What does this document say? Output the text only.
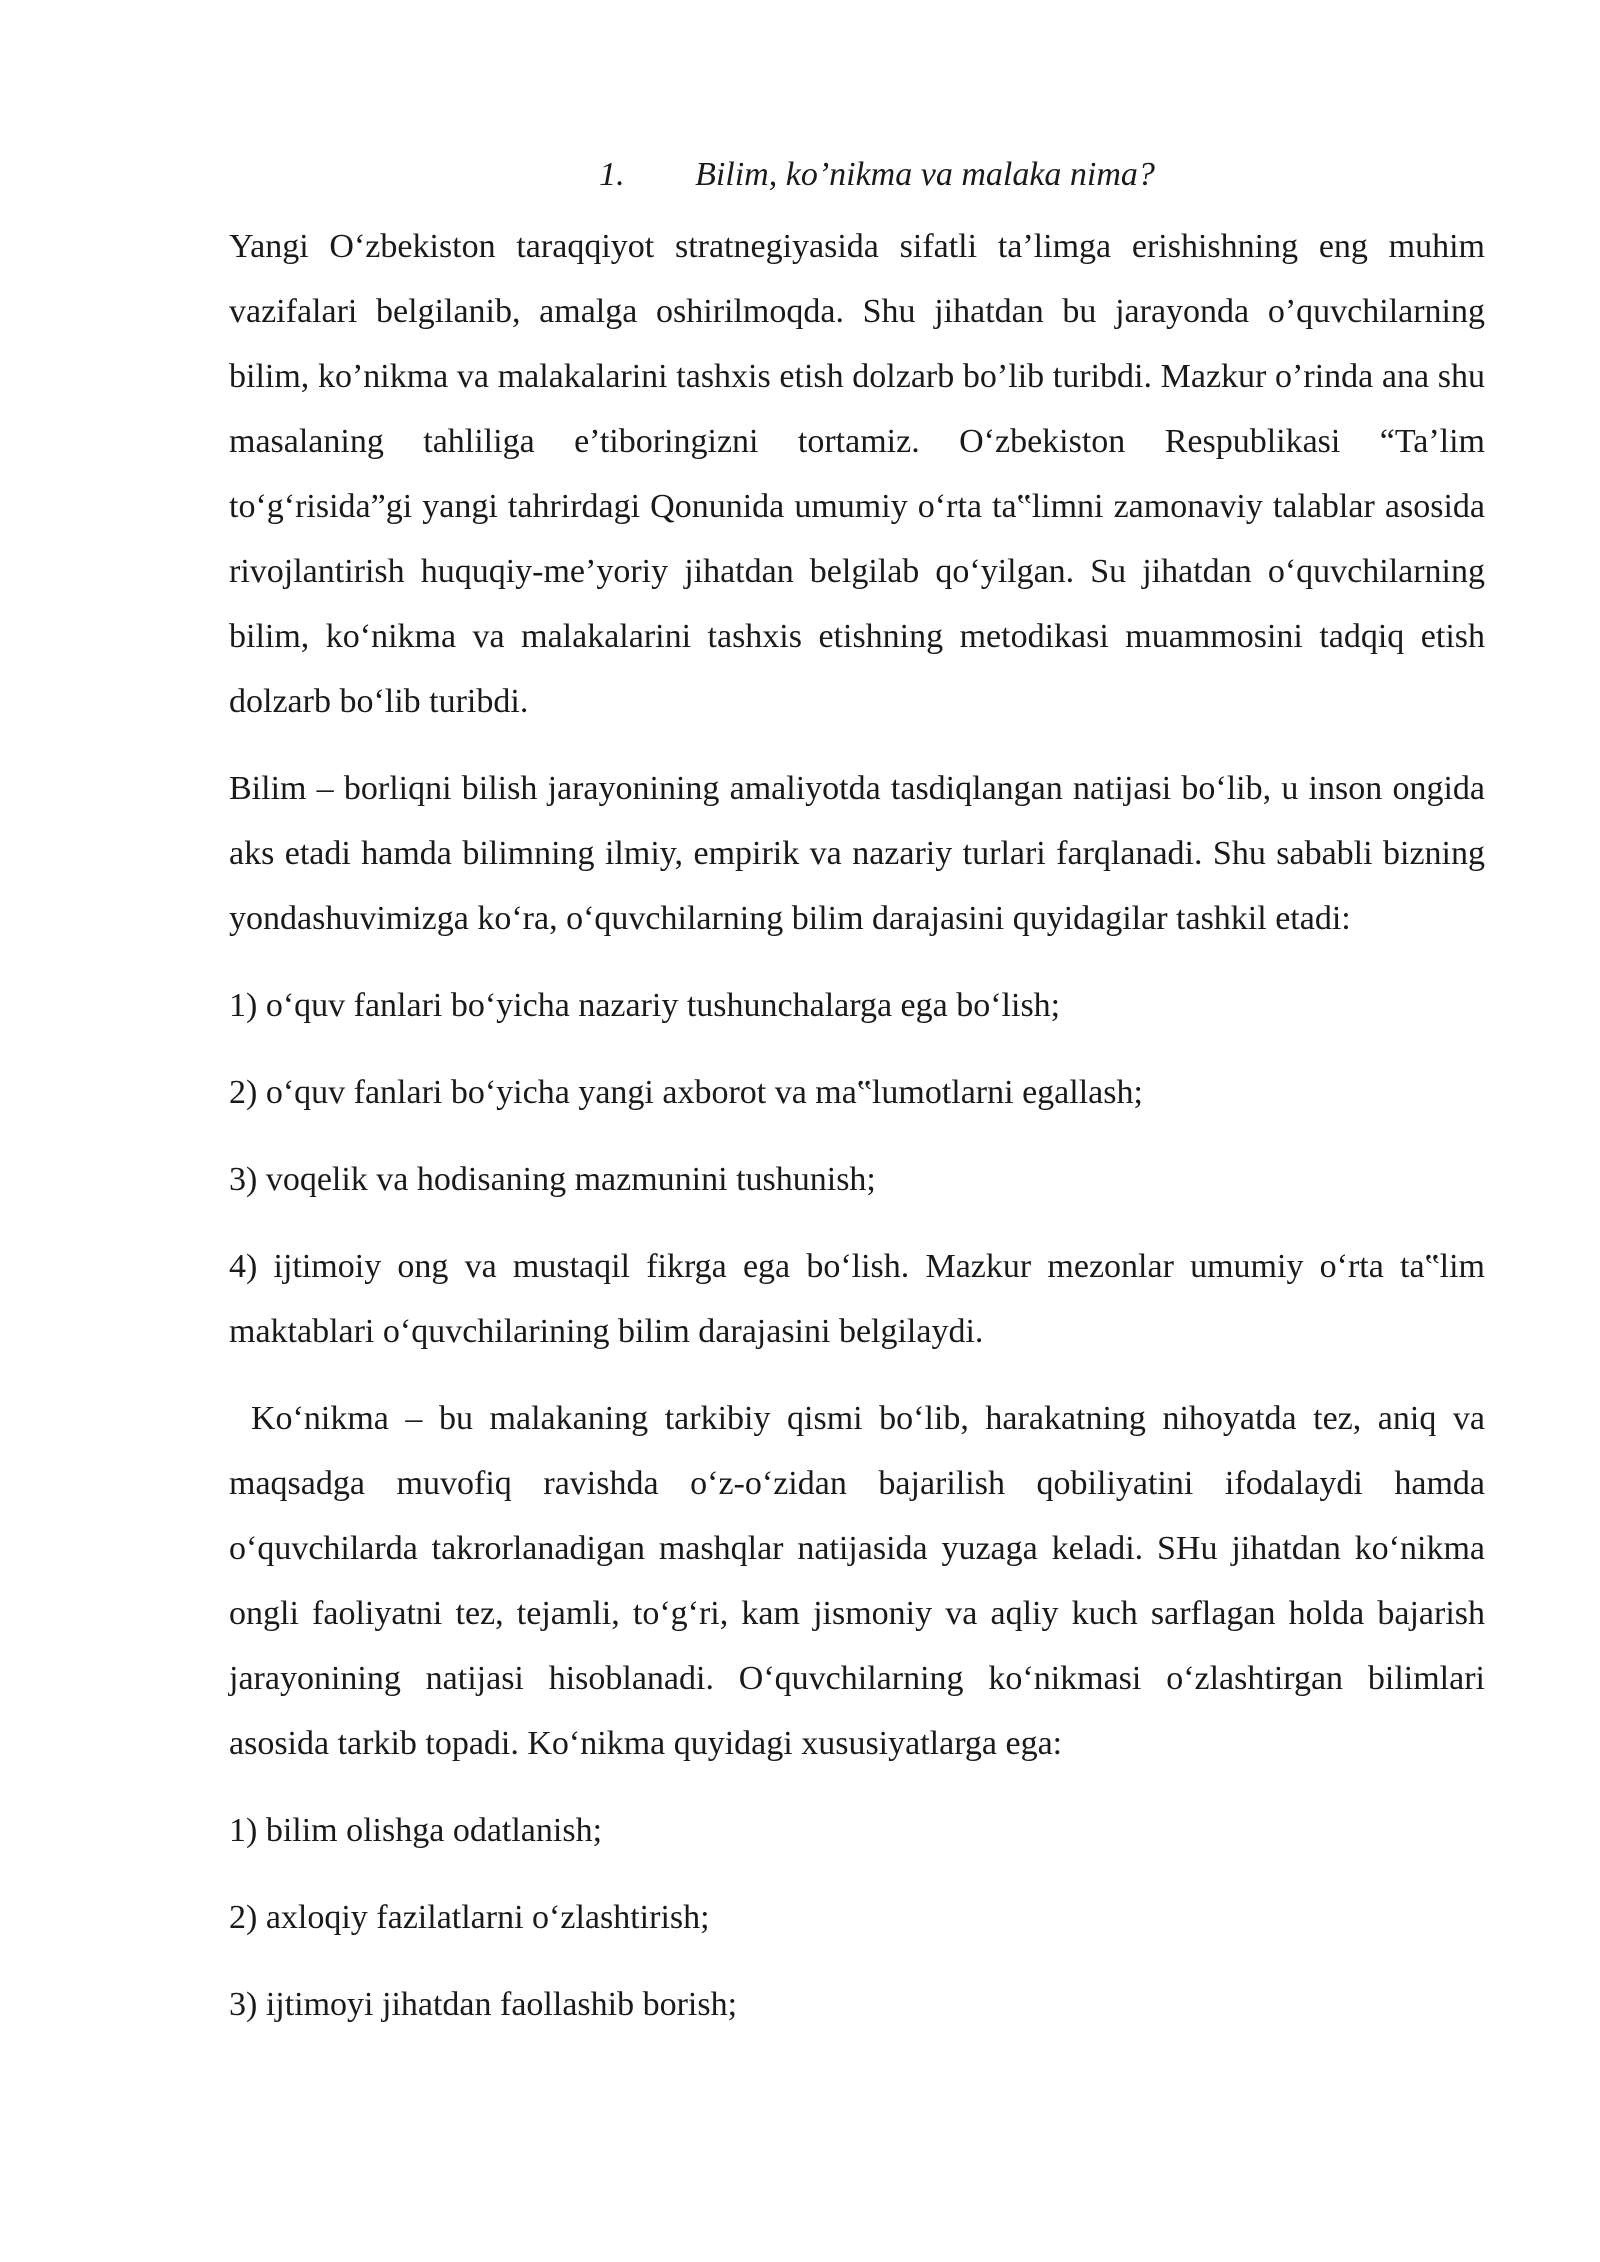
1.	Bilim, ko’nikma va malaka nima?

Yangi O‘zbekiston taraqqiyot stratnegiyasida sifatli ta’limga erishishning eng muhim vazifalari belgilanib, amalga oshirilmoqda. Shu jihatdan bu jarayonda o’quvchilarning bilim, ko’nikma va malakalarini tashxis etish dolzarb bo’lib turibdi. Mazkur o’rinda ana shu masalaning tahliliga e’tiboringizni tortamiz. O‘zbekiston Respublikasi “Ta’lim to‘g‘risida”gi yangi tahrirdagi Qonunida umumiy o‘rta ta‟limni zamonaviy talablar asosida rivojlantirish huquqiy-me’yoriy jihatdan belgilab qo‘yilgan. Su jihatdan o‘quvchilarning bilim, ko‘nikma va malakalarini tashxis etishning metodikasi muammosini tadqiq etish dolzarb bo‘lib turibdi.

Bilim – borliqni bilish jarayonining amaliyotda tasdiqlangan natijasi bo‘lib, u inson ongida aks etadi hamda bilimning ilmiy, empirik va nazariy turlari farqlanadi. Shu sababli bizning yondashuvimizga ko‘ra, o‘quvchilarning bilim darajasini quyidagilar tashkil etadi:

1) o‘quv fanlari bo‘yicha nazariy tushunchalarga ega bo‘lish;

2) o‘quv fanlari bo‘yicha yangi axborot va ma‟lumotlarni egallash;

3) voqelik va hodisaning mazmunini tushunish;

4) ijtimoiy ong va mustaqil fikrga ega bo‘lish. Mazkur mezonlar umumiy o‘rta ta‟lim maktablari o‘quvchilarining bilim darajasini belgilaydi.

Ko‘nikma – bu malakaning tarkibiy qismi bo‘lib, harakatning nihoyatda tez, aniq va maqsadga muvofiq ravishda o‘z-o‘zidan bajarilish qobiliyatini ifodalaydi hamda o‘quvchilarda takrorlanadigan mashqlar natijasida yuzaga keladi. SHu jihatdan ko‘nikma ongli faoliyatni tez, tejamli, to‘g‘ri, kam jismoniy va aqliy kuch sarflagan holda bajarish jarayonining natijasi hisoblanadi. O‘quvchilarning ko‘nikmasi o‘zlashtirgan bilimlari asosida tarkib topadi. Ko‘nikma quyidagi xususiyatlarga ega:

1) bilim olishga odatlanish;

2) axloqiy fazilatlarni o‘zlashtirish;

3) ijtimoyi jihatdan faollashib borish;
